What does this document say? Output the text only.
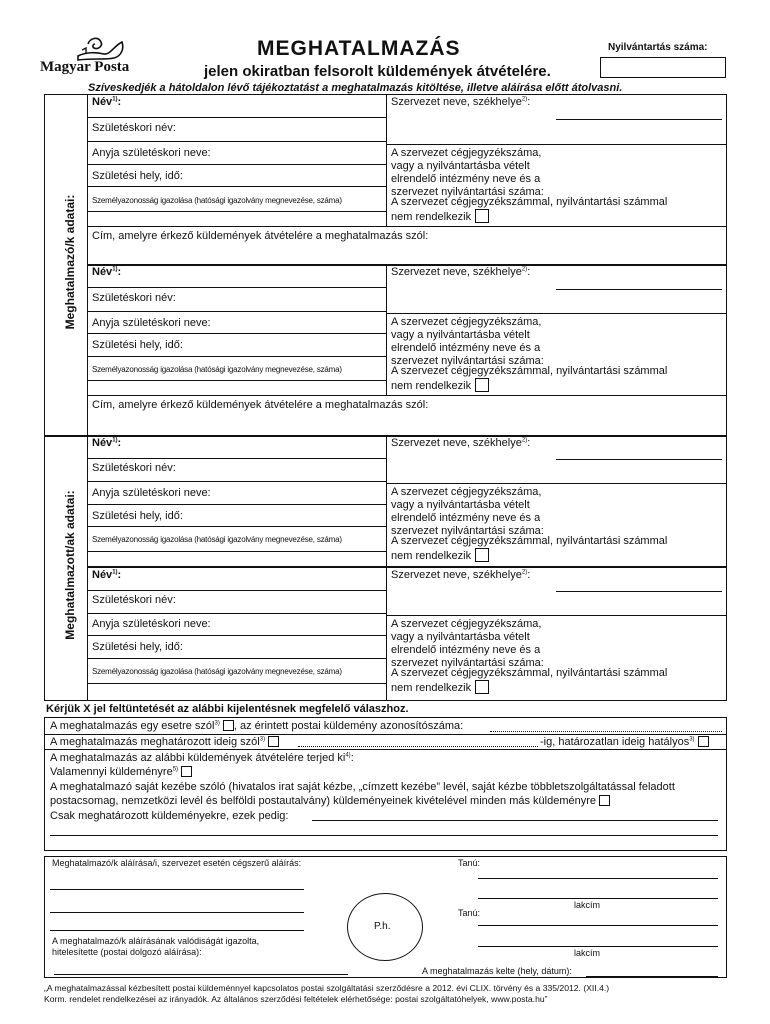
Magyar Posta
MEGHATALMAZÁS
jelen okiratban felsorolt küldemények átvételére.
Nyilvántartás száma:
Szíveskedjék a hátoldalon lévő tájékoztatást a meghatalmazás kitöltése, illetve aláírása előtt átolvasni.
Meghatalmazó/k adatai:
Meghatalmazott/ak adatai:
Név$^{1)}$:
Születéskori név:
Anyja születéskori neve:
Születési hely, idő:
Személyazonosság igazolása (hatósági igazolvány megnevezése, száma)
Szervezet neve, székhelye$^{2)}$:
A szervezet cégjegyzékszáma,
vagy a nyilvántartásba vételt
elrendelő intézmény neve és a
szervezet nyilvántartási száma:
A szervezet cégjegyzékszámmal, nyilvántartási számmal
nem rendelkezik
Cím, amelyre érkező küldemények átvételére a meghatalmazás szól:
Név$^{1)}$:
Születéskori név:
Anyja születéskori neve:
Születési hely, idő:
Személyazonosság igazolása (hatósági igazolvány megnevezése, száma)
Szervezet neve, székhelye$^{2)}$:
A szervezet cégjegyzékszáma,
vagy a nyilvántartásba vételt
elrendelő intézmény neve és a
szervezet nyilvántartási száma:
A szervezet cégjegyzékszámmal, nyilvántartási számmal
nem rendelkezik
Cím, amelyre érkező küldemények átvételére a meghatalmazás szól:
Név$^{1)}$:
Születéskori név:
Anyja születéskori neve:
Születési hely, idő:
Személyazonosság igazolása (hatósági igazolvány megnevezése, száma)
Szervezet neve, székhelye$^{2)}$:
A szervezet cégjegyzékszáma,
vagy a nyilvántartásba vételt
elrendelő intézmény neve és a
szervezet nyilvántartási száma:
A szervezet cégjegyzékszámmal, nyilvántartási számmal
nem rendelkezik
Név$^{1)}$:
Születéskori név:
Anyja születéskori neve:
Születési hely, idő:
Személyazonosság igazolása (hatósági igazolvány megnevezése, száma)
Szervezet neve, székhelye$^{2)}$:
A szervezet cégjegyzékszáma,
vagy a nyilvántartásba vételt
elrendelő intézmény neve és a
szervezet nyilvántartási száma:
A szervezet cégjegyzékszámmal, nyilvántartási számmal
nem rendelkezik
Kérjük X jel feltüntetését az alábbi kijelentésnek megfelelő válaszhoz.
A meghatalmazás egy esetre szól$^{3)}$ , az érintett postai küldemény azonosítószáma:
A meghatalmazás meghatározott ideig szól$^{3)}$	-ig, határozatlan ideig hatályos$^{3)}$
A meghatalmazás az alábbi küldemények átvételére terjed $ki^{4)}$:
Valamennyi küldeményre$^{5)}$
A meghatalmazó saját kezébe szóló (hivatalos irat saját kézbe, „címzett kezébe” levél, saját kézbe többletszolgáltatással feladott
postacsomag, nemzetközi levél és belföldi postautalvány) küldeményeinek kivételével minden más küldeményre
Csak meghatározott küldeményekre, ezek pedig:
Meghatalmazó/k aláírása/i, szervezet esetén cégszerű aláírás:
A meghatalmazó/k aláírásának valódiságát igazolta,
hitelesítette (postai dolgozó aláírása):
P.h.
Tanú:
lakcím
Tanú:
lakcím
A meghatalmazás kelte (hely, dátum):
„A meghatalmazással kézbesített postai küldeménnyel kapcsolatos postai szolgáltatási szerződésre a 2012. évi CLIX. törvény és a 335/2012. (XII.4.)
Korm. rendelet rendelkezései az irányadók. Az általános szerződési feltételek elérhetősége: postai szolgáltatóhelyek, www.posta.hu”
